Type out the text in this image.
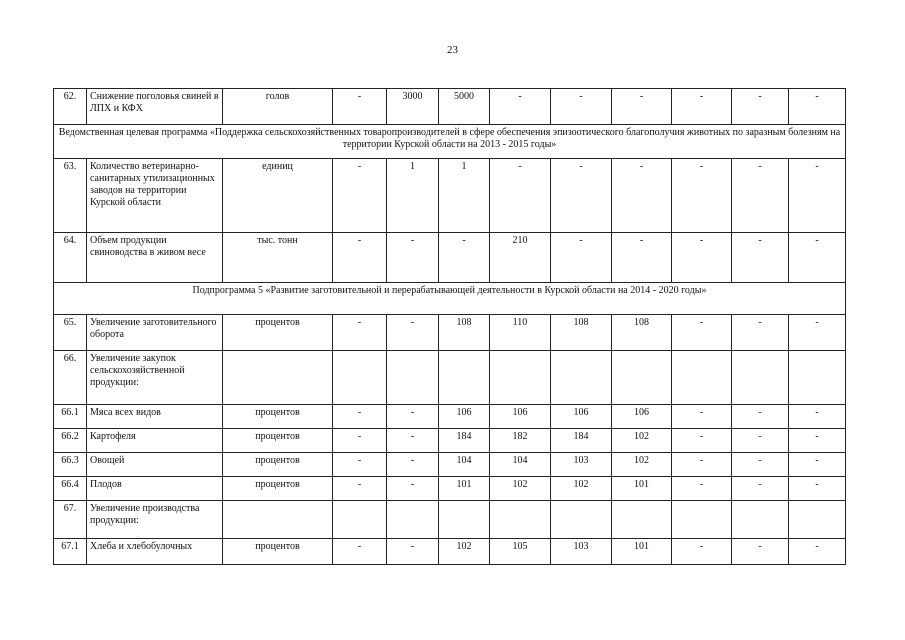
23
62.	Снижение поголовья свиней в ЛПХ и КФХ	голов	-	3000	5000	-	-	-	-	-	-
Ведомственная целевая программа «Поддержка сельскохозяйственных товаропроизводителей в сфере обеспечения эпизоотического благополучия животных по заразным болезням на территории Курской области на 2013 - 2015 годы»											
63.	Количество ветеринарно-санитарных утилизационных заводов на территории Курской области	единиц	-	1	1	-	-	-	-	-	-
64.	Объем продукции свиноводства в живом весе	тыс. тонн	-	-	-	210	-	-	-	-	-
Подпрограмма 5 «Развитие заготовительной и перерабатывающей деятельности в Курской области на 2014 - 2020 годы»											
65.	Увеличение заготовительного оборота	процентов	-	-	108	110	108	108	-	-	-
66.	Увеличение закупок сельскохозяйственной продукции:										
66.1	Мяса всех видов	процентов	-	-	106	106	106	106	-	-	-
66.2	Картофеля	процентов	-	-	184	182	184	102	-	-	-
66.3	Овощей	процентов	-	-	104	104	103	102	-	-	-
66.4	Плодов	процентов	-	-	101	102	102	101	-	-	-
67.	Увеличение производства продукции:										
67.1	Хлеба и хлебобулочных	процентов	-	-	102	105	103	101	-	-	-
